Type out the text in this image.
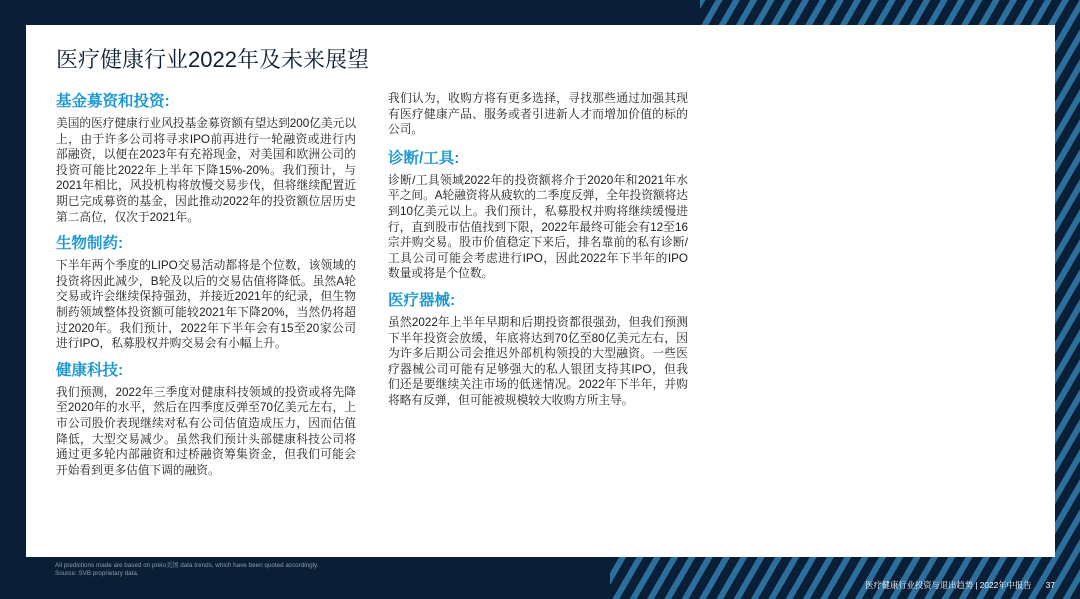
医疗健康行业2022年及未来展望
基金募资和投资:

美国的医疗健康行业风投基金募资额有望达到200亿美元以上，由于许多公司将寻求IPO前再进行一轮融资或进行内部融资，以便在2023年有充裕现金，对美国和欧洲公司的投资可能比2022年上半年下降15%-20%。我们预计，与2021年相比，风投机构将放慢交易步伐，但将继续配置近期已完成募资的基金，因此推动2022年的投资额位居历史第二高位，仅次于2021年。

生物制药:

下半年两个季度的LIPO交易活动都将是个位数，该领域的投资将因此减少，B轮及以后的交易估值将降低。虽然A轮交易或许会继续保持强劲，并接近2021年的纪录，但生物制药领域整体投资额可能较2021年下降20%，当然仍将超过2020年。我们预计，2022年下半年会有15至20家公司进行IPO，私募股权并购交易会有小幅上升。

健康科技:

我们预测，2022年三季度对健康科技领域的投资或将先降至2020年的水平，然后在四季度反弹至70亿美元左右，上市公司股价表现继续对私有公司估值造成压力，因而估值降低，大型交易减少。虽然我们预计头部健康科技公司将通过更多轮内部融资和过桥融资筹集资金，但我们可能会开始看到更多估值下调的融资。

我们认为，收购方将有更多选择，寻找那些通过加强其现有医疗健康产品、服务或者引进新人才而增加价值的标的公司。

诊断/工具:

诊断/工具领域2022年的投资额将介于2020年和2021年水平之间。A轮融资将从疲软的二季度反弹，全年投资额将达到10亿美元以上。我们预计，私募股权并购将继续缓慢进行，直到股市估值找到下限，2022年最终可能会有12至16宗并购交易。股市价值稳定下来后，排名靠前的私有诊断/工具公司可能会考虑进行IPO，因此2022年下半年的IPO数量或将是个位数。

医疗器械:

虽然2022年上半年早期和后期投资都很强劲，但我们预测下半年投资会放缓，年底将达到70亿至80亿美元左右，因为许多后期公司会推迟外部机构领投的大型融资。一些医疗器械公司可能有足够强大的私人银团支持其IPO，但我们还是要继续关注市场的低迷情况。2022年下半年，并购将略有反弹，但可能被规模较大收购方所主导。

All predictions made are based on prelo美国 data trends, which have been quoted accordingly.
Source: SVB proprietary data.
医疗健康行业投资与退出趋势 | 2022年中报告 37
